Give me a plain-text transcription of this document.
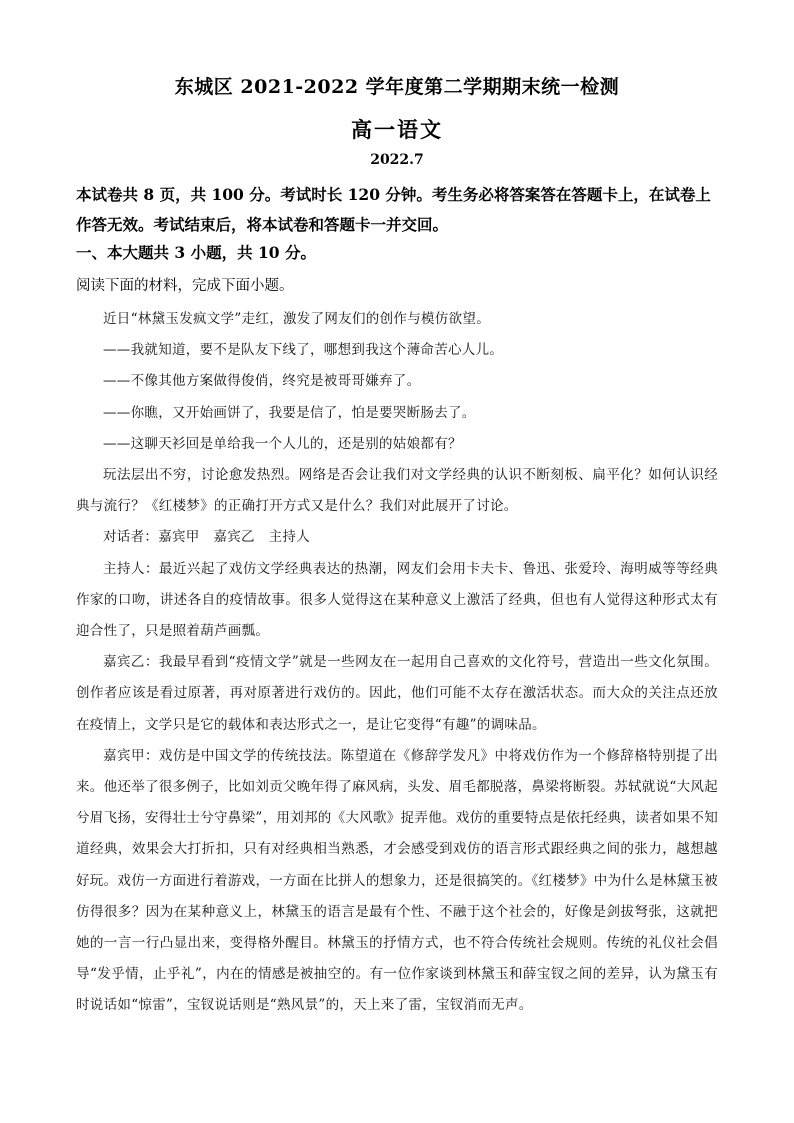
东城区 2021-2022 学年度第二学期期末统一检测
高一语文
2022.7

本试卷共 8 页，共 100 分。考试时长 120 分钟。考生务必将答案答在答题卡上，在试卷上作答无效。考试结束后，将本试卷和答题卡一并交回。

一、本大题共 3 小题，共 10 分。

阅读下面的材料，完成下面小题。

近日“林黛玉发疯文学”走红，激发了网友们的创作与模仿欲望。

——我就知道，要不是队友下线了，哪想到我这个薄命苦心人儿。

——不像其他方案做得俊俏，终究是被哥哥嫌弃了。

——你瞧，又开始画饼了，我要是信了，怕是要哭断肠去了。

——这聊天衫回是单给我一个人儿的，还是别的姑娘都有？

玩法层出不穷，讨论愈发热烈。网络是否会让我们对文学经典的认识不断刻板、扁平化？如何认识经典与流行？《红楼梦》的正确打开方式又是什么？我们对此展开了讨论。

对话者：嘉宾甲　嘉宾乙　主持人

主持人：最近兴起了戏仿文学经典表达的热潮，网友们会用卡夫卡、鲁迅、张爱玲、海明威等等经典作家的口吻，讲述各自的疫情故事。很多人觉得这在某种意义上激活了经典，但也有人觉得这种形式太有迎合性了，只是照着葫芦画瓢。

嘉宾乙：我最早看到“疫情文学”就是一些网友在一起用自己喜欢的文化符号，营造出一些文化氛围。创作者应该是看过原著，再对原著进行戏仿的。因此，他们可能不太存在激活状态。而大众的关注点还放在疫情上，文学只是它的载体和表达形式之一，是让它变得“有趣”的调味品。

嘉宾甲：戏仿是中国文学的传统技法。陈望道在《修辞学发凡》中将戏仿作为一个修辞格特别提了出来。他还举了很多例子，比如刘贡父晚年得了麻风病，头发、眉毛都脱落，鼻梁将断裂。苏轼就说“大风起兮眉飞扬，安得壮士兮守鼻梁”，用刘邦的《大风歌》捉弄他。戏仿的重要特点是依托经典，读者如果不知道经典，效果会大打折扣，只有对经典相当熟悉，才会感受到戏仿的语言形式跟经典之间的张力，越想越好玩。戏仿一方面进行着游戏，一方面在比拼人的想象力，还是很搞笑的。《红楼梦》中为什么是林黛玉被仿得很多？因为在某种意义上，林黛玉的语言是最有个性、不融于这个社会的，好像是剑拔弩张，这就把她的一言一行凸显出来，变得格外醒目。林黛玉的抒情方式，也不符合传统社会规则。传统的礼仪社会倡导“发乎情，止乎礼”，内在的情感是被抽空的。有一位作家谈到林黛玉和薛宝钗之间的差异，认为黛玉有时说话如“惊雷”，宝钗说话则是“熟风景”的，天上来了雷，宝钗消而无声。
